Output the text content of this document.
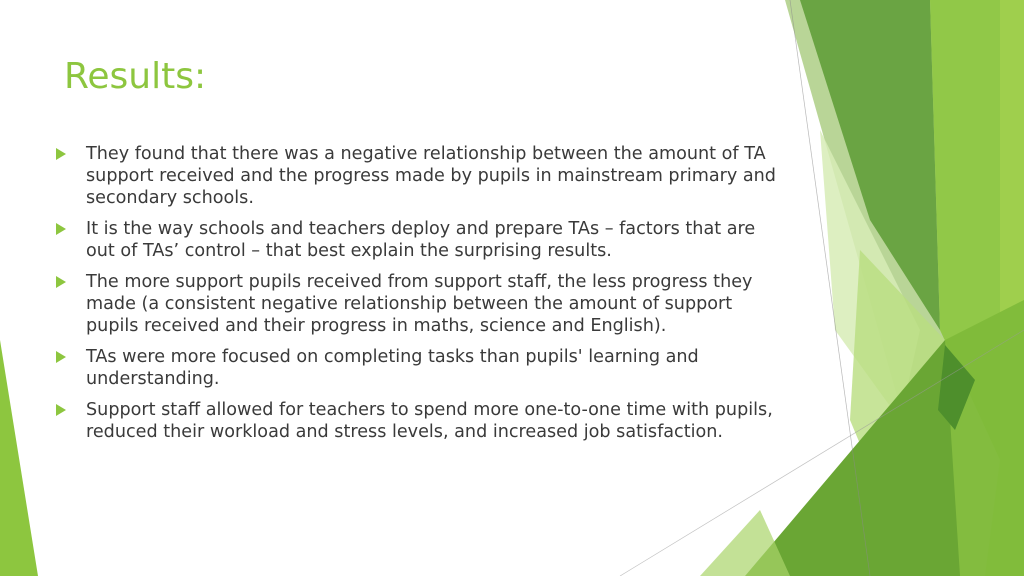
Results:
They found that there was a negative relationship between the amount of TA support received and the progress made by pupils in mainstream primary and secondary schools.
It is the way schools and teachers deploy and prepare TAs – factors that are out of TAs’ control – that best explain the surprising results.
The more support pupils received from support staff, the less progress they made (a consistent negative relationship between the amount of support pupils received and their progress in maths, science and English).
TAs were more focused on completing tasks than pupils' learning and understanding.
Support staff allowed for teachers to spend more one-to-one time with pupils, reduced their workload and stress levels, and increased job satisfaction.
